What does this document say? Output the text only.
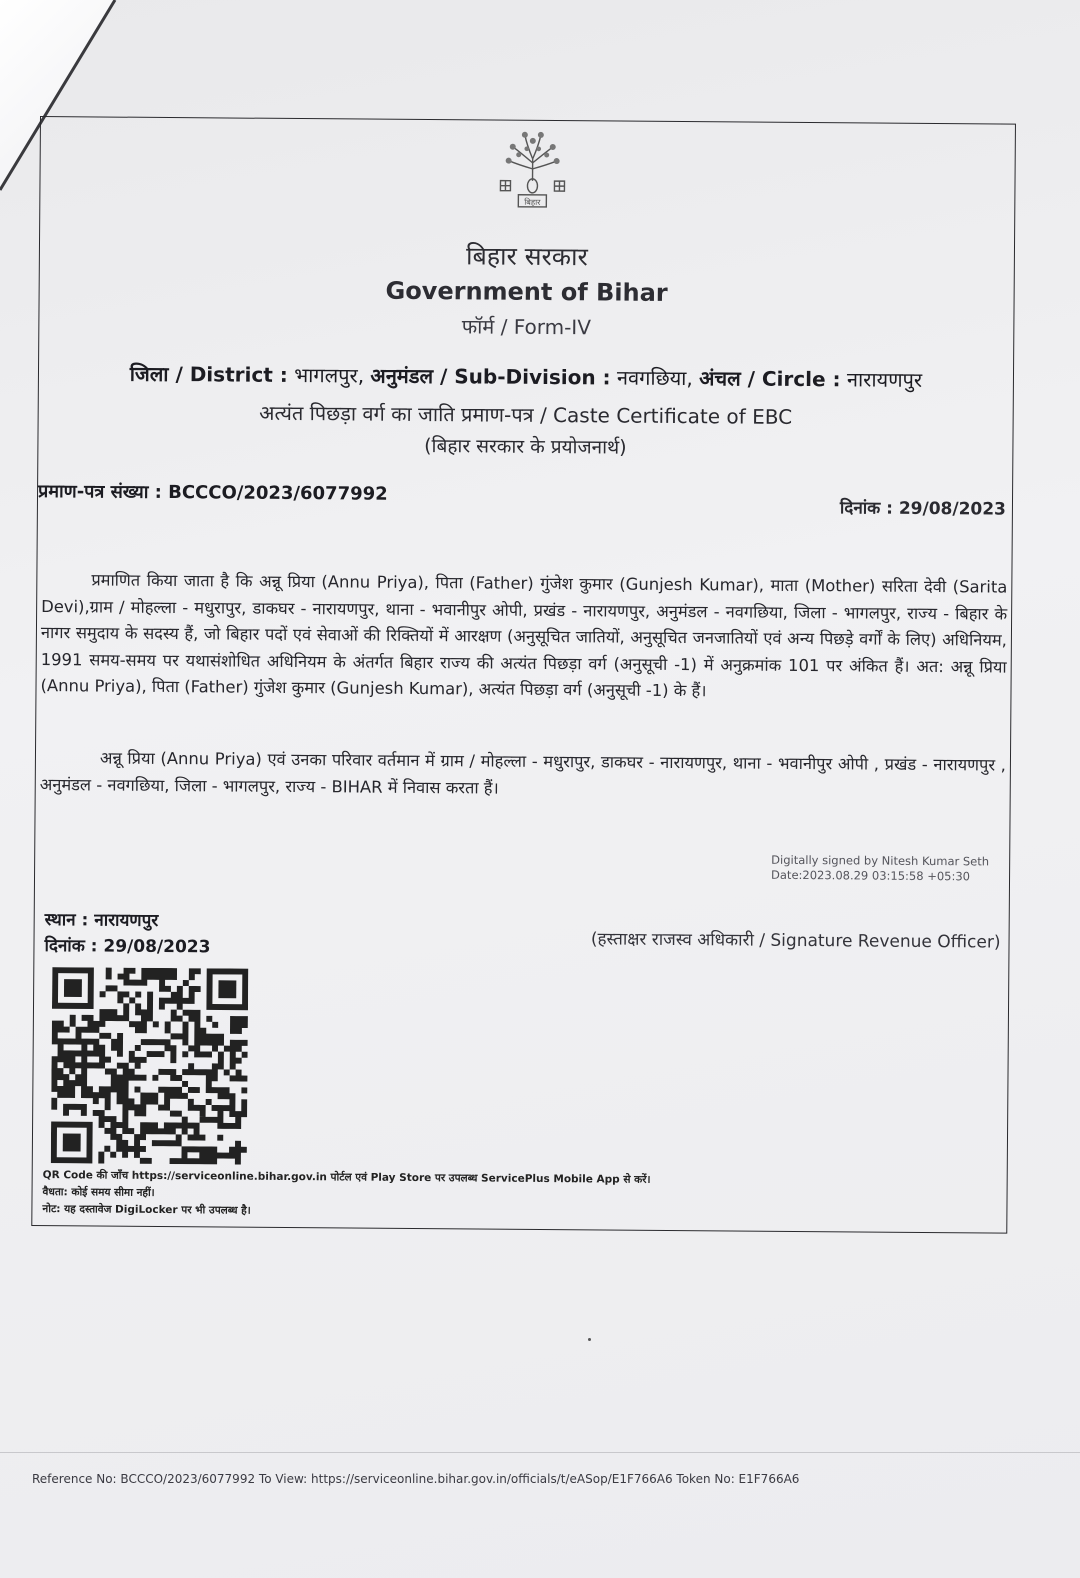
बिहार
बिहार सरकार
Government of Bihar
फॉर्म / Form-IV
जिला / District : भागलपुर, अनुमंडल / Sub-Division : नवगछिया, अंचल / Circle : नारायणपुर
अत्यंत पिछड़ा वर्ग का जाति प्रमाण-पत्र / Caste Certificate of EBC
(बिहार सरकार के प्रयोजनार्थ)
प्रमाण-पत्र संख्या : BCCCO/2023/6077992
दिनांक : 29/08/2023
प्रमाणित किया जाता है कि अन्नू प्रिया (Annu Priya), पिता (Father) गुंजेश कुमार (Gunjesh Kumar), माता (Mother) सरिता देवी (Sarita Devi),ग्राम / मोहल्ला - मधुरापुर, डाकघर - नारायणपुर, थाना - भवानीपुर ओपी, प्रखंड - नारायणपुर, अनुमंडल - नवगछिया, जिला - भागलपुर, राज्य - बिहार के नागर समुदाय के सदस्य हैं, जो बिहार पदों एवं सेवाओं की रिक्तियों में आरक्षण (अनुसूचित जातियों, अनुसूचित जनजातियों एवं अन्य पिछड़े वर्गों के लिए) अधिनियम, 1991 समय-समय पर यथासंशोधित अधिनियम के अंतर्गत बिहार राज्य की अत्यंत पिछड़ा वर्ग (अनुसूची -1) में अनुक्रमांक 101 पर अंकित हैं। अत: अन्नू प्रिया (Annu Priya), पिता (Father) गुंजेश कुमार (Gunjesh Kumar), अत्यंत पिछड़ा वर्ग (अनुसूची -1) के हैं।
अन्नू प्रिया (Annu Priya) एवं उनका परिवार वर्तमान में ग्राम / मोहल्ला - मधुरापुर, डाकघर - नारायणपुर, थाना - भवानीपुर ओपी , प्रखंड - नारायणपुर , अनुमंडल - नवगछिया, जिला - भागलपुर, राज्य - BIHAR में निवास करता हैं।
Digitally signed by Nitesh Kumar Seth
Date:2023.08.29 03:15:58 +05:30
स्थान : नारायणपुर
दिनांक : 29/08/2023	(हस्ताक्षर राजस्व अधिकारी / Signature Revenue Officer)
QR Code की जाँच https://serviceonline.bihar.gov.in पोर्टल एवं Play Store पर उपलब्ध ServicePlus Mobile App से करें।
वैधता: कोई समय सीमा नहीं।
नोट: यह दस्तावेज DigiLocker पर भी उपलब्ध है।
Reference No: BCCCO/2023/6077992 To View: https://serviceonline.bihar.gov.in/officials/t/eASop/E1F766A6 Token No: E1F766A6
